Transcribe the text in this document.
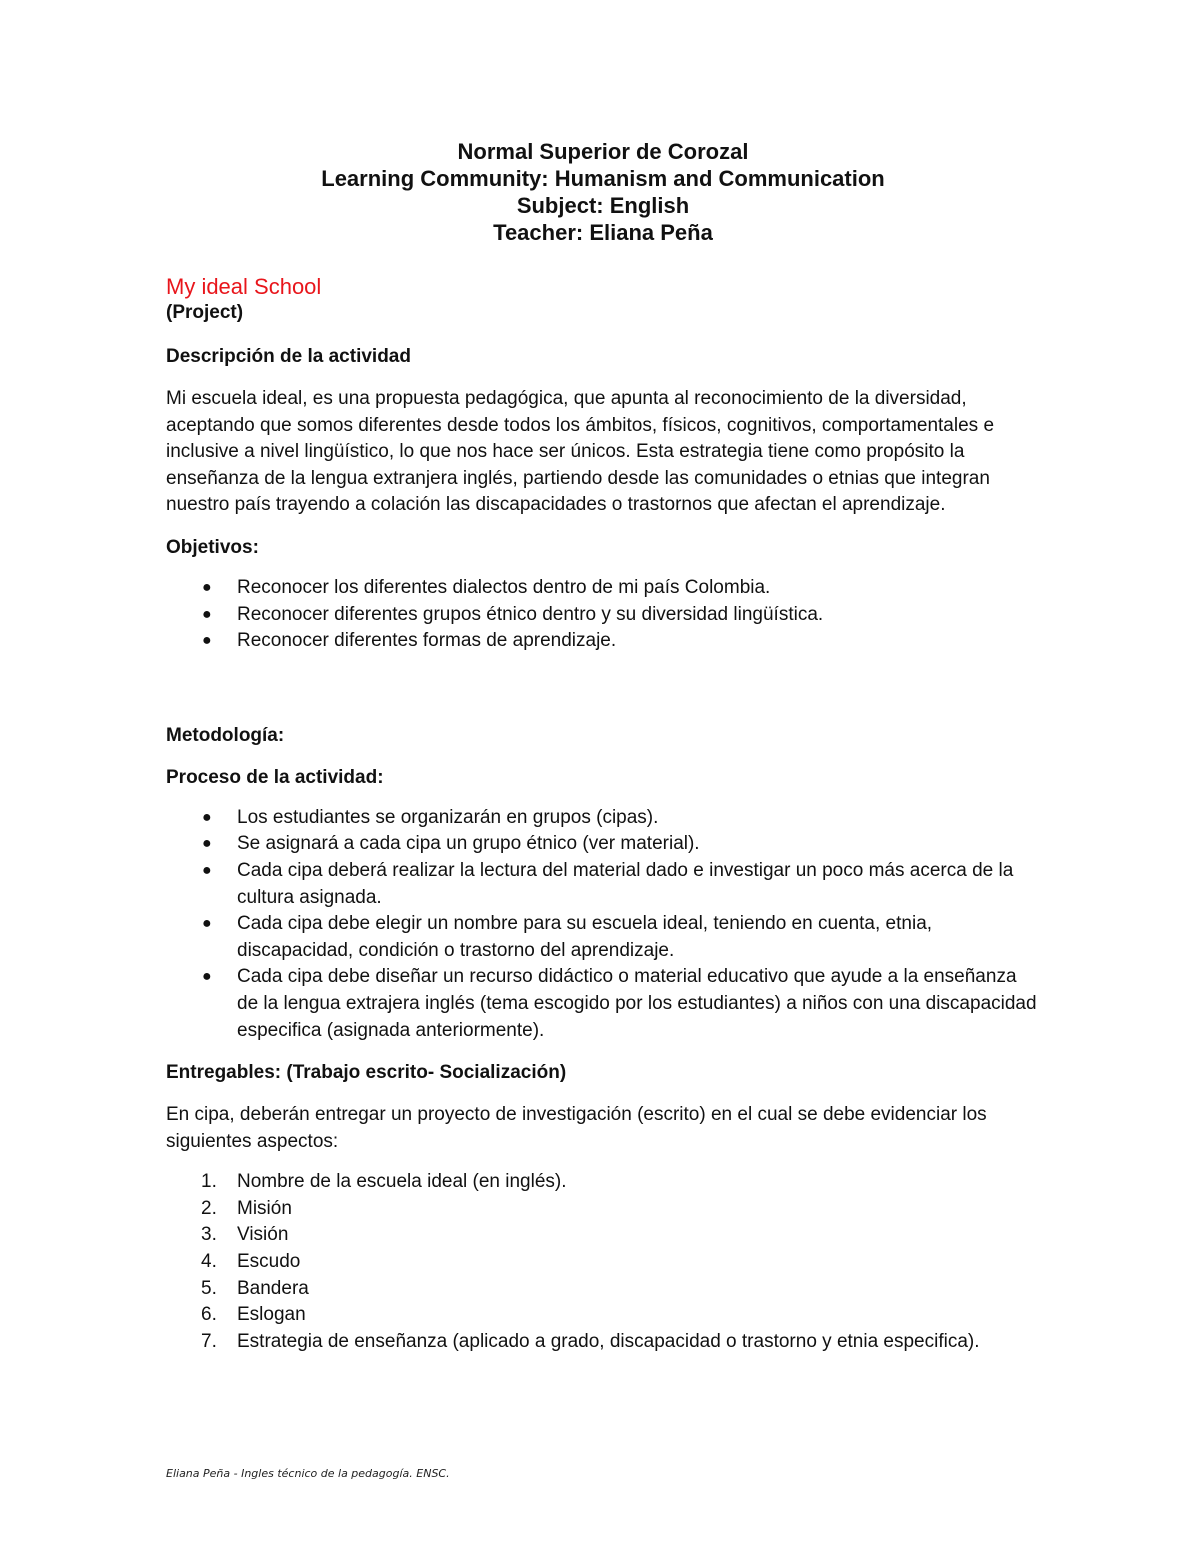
Normal Superior de Corozal
Learning Community: Humanism and Communication
Subject: English
Teacher: Eliana Peña
My ideal School
(Project)
Descripción de la actividad

Mi escuela ideal, es una propuesta pedagógica, que apunta al reconocimiento de la diversidad, aceptando que somos diferentes desde todos los ámbitos, físicos, cognitivos, comportamentales e inclusive a nivel lingüístico, lo que nos hace ser únicos. Esta estrategia tiene como propósito la enseñanza de la lengua extranjera inglés, partiendo desde las comunidades o etnias que integran nuestro país trayendo a colación las discapacidades o trastornos que afectan el aprendizaje.

Objetivos:
● Reconocer los diferentes dialectos dentro de mi país Colombia.
● Reconocer diferentes grupos étnico dentro y su diversidad lingüística.
● Reconocer diferentes formas de aprendizaje.
Metodología:
Proceso de la actividad:
● Los estudiantes se organizarán en grupos (cipas).
● Se asignará a cada cipa un grupo étnico (ver material).
● Cada cipa deberá realizar la lectura del material dado e investigar un poco más acerca de la cultura asignada.
● Cada cipa debe elegir un nombre para su escuela ideal, teniendo en cuenta, etnia, discapacidad, condición o trastorno del aprendizaje.
● Cada cipa debe diseñar un recurso didáctico o material educativo que ayude a la enseñanza de la lengua extrajera inglés (tema escogido por los estudiantes) a niños con una discapacidad especifica (asignada anteriormente).
Entregables: (Trabajo escrito- Socialización)

En cipa, deberán entregar un proyecto de investigación (escrito) en el cual se debe evidenciar los siguientes aspectos:

1. Nombre de la escuela ideal (en inglés).
2. Misión
3. Visión
4. Escudo
5. Bandera
6. Eslogan
7. Estrategia de enseñanza (aplicado a grado, discapacidad o trastorno y etnia especifica).
Eliana Peña - Ingles técnico de la pedagogía. ENSC.
